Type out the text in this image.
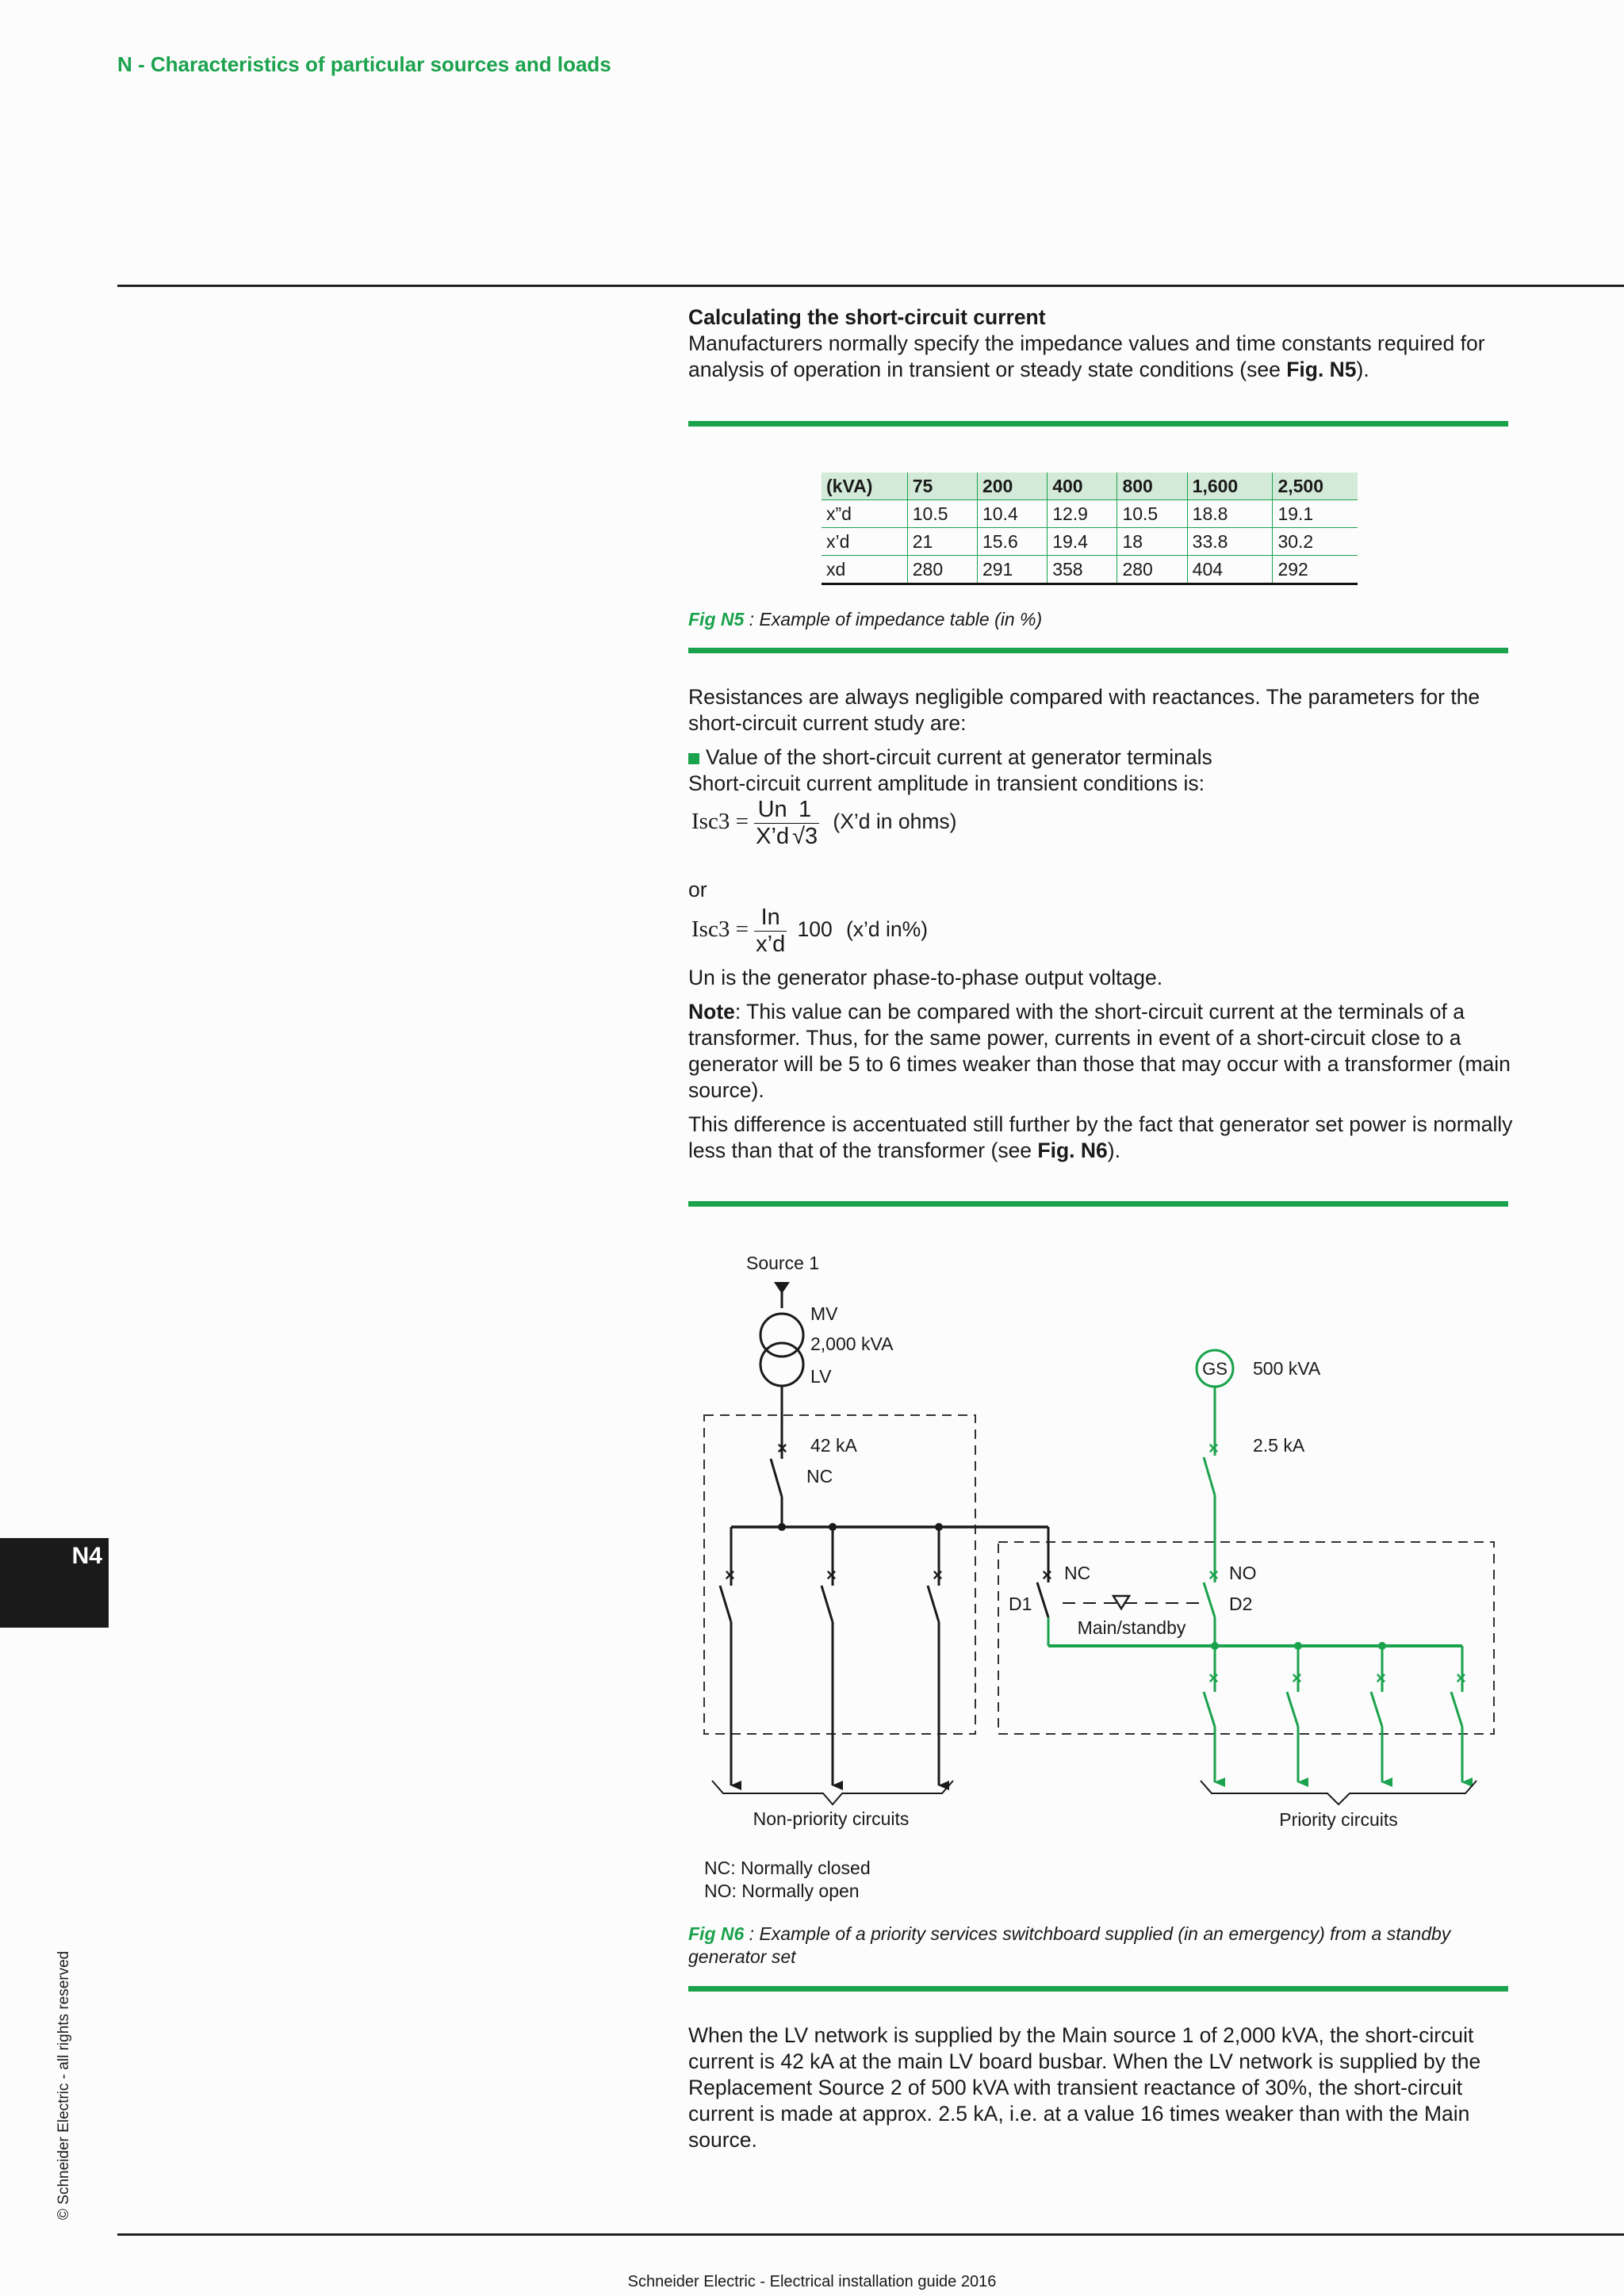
N - Characteristics of particular sources and loads

Calculating the short-circuit current

Manufacturers normally specify the impedance values and time constants required for analysis of operation in transient or steady state conditions (see Fig. N5).

(kVA)	75	200	400	800	1,600	2,500
x”d	10.5	10.4	12.9	10.5	18.8	19.1
x’d	21	15.6	19.4	18	33.8	30.2
xd	280	291	358	280	404	292
Fig N5 : Example of impedance table (in %)

Resistances are always negligible compared with reactances. The parameters for the short-circuit current study are:

Value of the short-circuit current at generator terminals

Short-circuit current amplitude in transient conditions is:

$Isc3 = \frac{Un}{X’d} \frac{1}{√3}$ (X’d in ohms)
or
$Isc3 = \frac{In}{x’d} 100$ (x’d in%)

Un is the generator phase-to-phase output voltage.

Note: This value can be compared with the short-circuit current at the terminals of a transformer. Thus, for the same power, currents in event of a short-circuit close to a generator will be 5 to 6 times weaker than those that may occur with a transformer (main source).

This difference is accentuated still further by the fact that generator set power is normally less than that of the transformer (see Fig. N6).

Source 1
MV
2,000 kVA
LV
× 42 kA
NC
×	×	×
Non-priority circuits
× NC
D1
GS 500 kVA
× 2.5 kA
× NO
D2
Main/standby
×	×	×	×
Priority circuits
NC: Normally closed
NO: Normally open
Fig N6 : Example of a priority services switchboard supplied (in an emergency) from a standby generator set
When the LV network is supplied by the Main source 1 of 2,000 kVA, the short-circuit current is 42 kA at the main LV board busbar. When the LV network is supplied by the Replacement Source 2 of 500 kVA with transient reactance of 30%, the short-circuit current is made at approx. 2.5 kA, i.e. at a value 16 times weaker than with the Main source.
N4
© Schneider Electric - all rights reserved
Schneider Electric - Electrical installation guide 2016
